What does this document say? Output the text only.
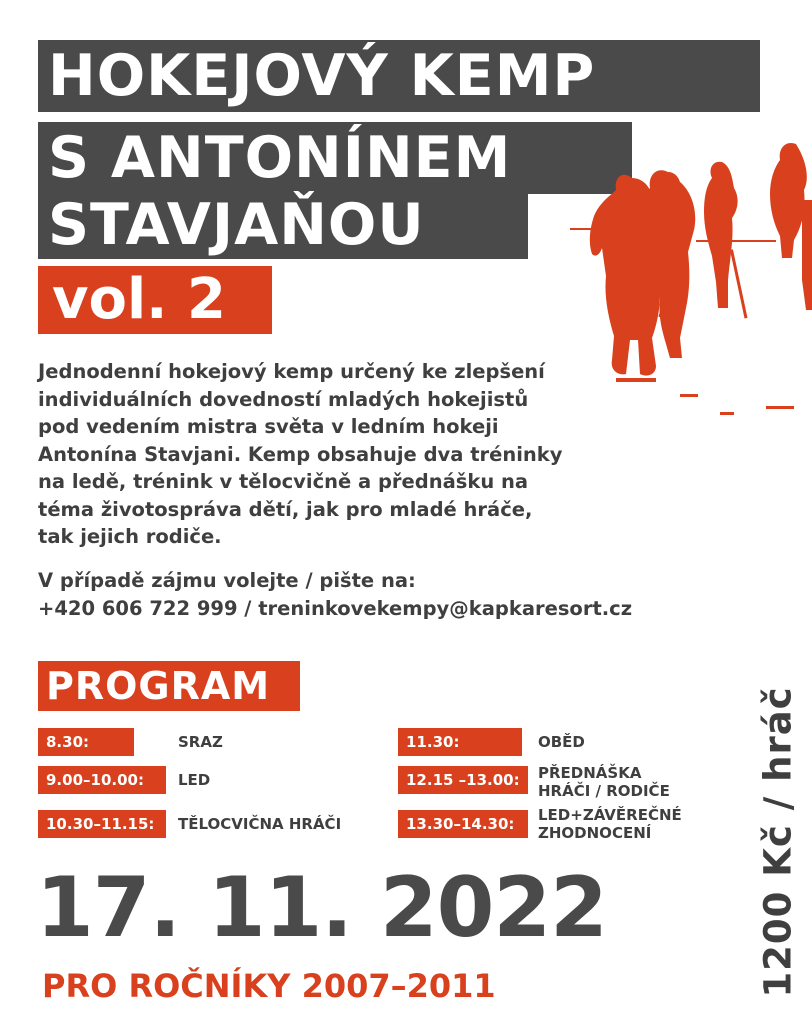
HOKEJOVÝ KEMP
S ANTONÍNEM
STAVJAŇOU
vol. 2
Jednodenní hokejový kemp určený ke zlepšení
individuálních dovedností mladých hokejistů
pod vedením mistra světa v ledním hokeji
Antonína Stavjani. Kemp obsahuje dva tréninky
na ledě, trénink v tělocvičně a přednášku na
téma životospráva dětí, jak pro mladé hráče,
tak jejich rodiče.
V případě zájmu volejte / pište na:
+420 606 722 999 / treninkovekempy@kapkaresort.cz
PROGRAM
8.30:	SRAZ
9.00–10.00:	LED
10.30–11.15:	TĚLOCVIČNA HRÁČI
11.30:	OBĚD
12.15 –13.00:	PŘEDNÁŠKA
HRÁČI / RODIČE
13.30–14.30:	LED+ZÁVĚREČNÉ
ZHODNOCENÍ
17. 11. 2022
PRO ROČNÍKY 2007–2011	1200 Kč / hráč
